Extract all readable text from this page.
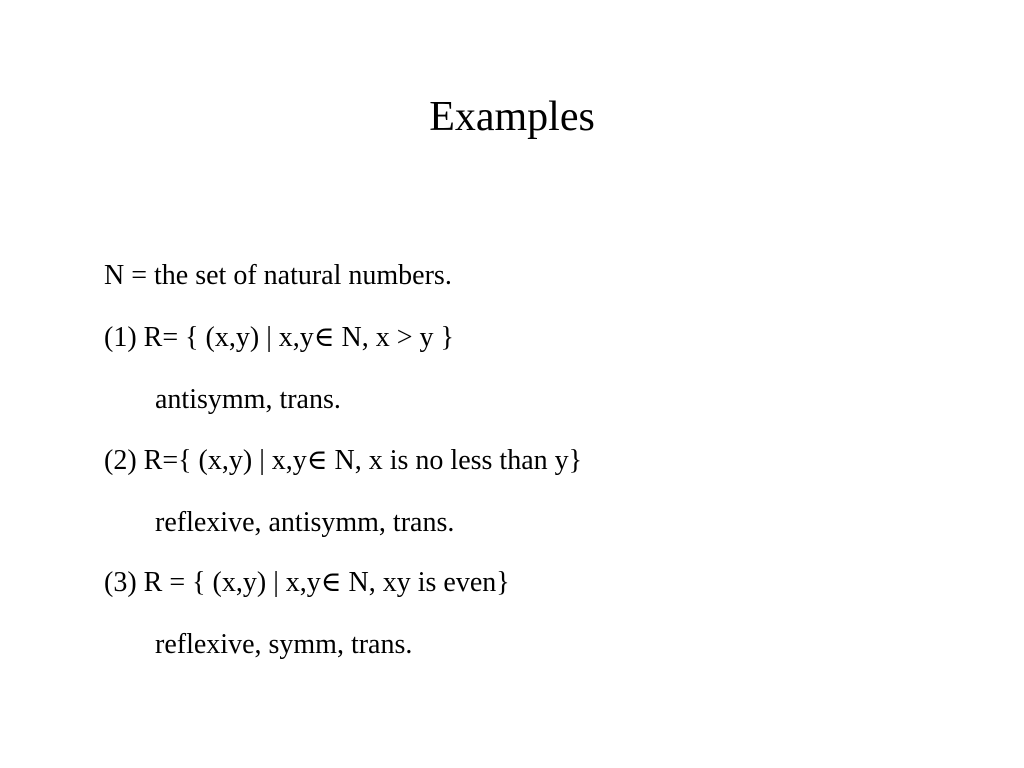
Examples
N = the set of natural numbers.
(1) R= { (x,y) | x,y∈ N, x > y }
antisymm, trans.
(2) R={ (x,y) | x,y∈ N, x is no less than y}
reflexive, antisymm, trans.
(3) R = { (x,y) | x,y∈ N, xy is even}
reflexive, symm, trans.
